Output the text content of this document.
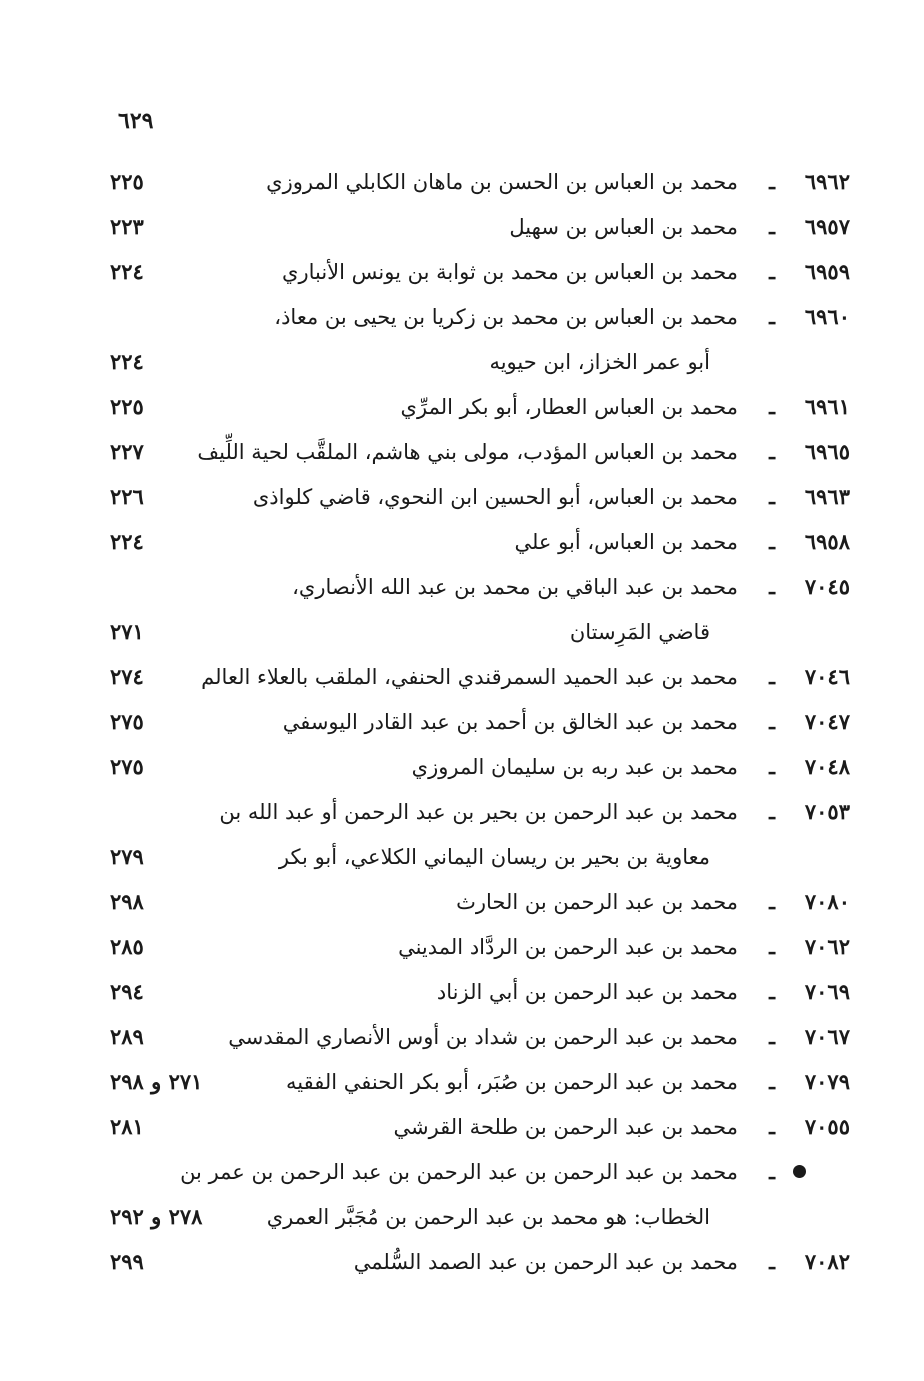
٦٢٩
٦٩٦٢
ـ
محمد بن العباس بن الحسن بن ماهان الكابلي المروزي
٢٢٥
٦٩٥٧
ـ
محمد بن العباس بن سهيل
٢٢٣
٦٩٥٩
ـ
محمد بن العباس بن محمد بن ثوابة بن يونس الأنباري
٢٢٤
٦٩٦٠
ـ
محمد بن العباس بن محمد بن زكريا بن يحيى بن معاذ،
أبو عمر الخزاز، ابن حيويه
٢٢٤
٦٩٦١
ـ
محمد بن العباس العطار، أبو بكر المرِّي
٢٢٥
٦٩٦٥
ـ
محمد بن العباس المؤدب، مولى بني هاشم، الملقَّب لحية اللِّيف
٢٢٧
٦٩٦٣
ـ
محمد بن العباس، أبو الحسين ابن النحوي، قاضي كلواذى
٢٢٦
٦٩٥٨
ـ
محمد بن العباس، أبو علي
٢٢٤
٧٠٤٥
ـ
محمد بن عبد الباقي بن محمد بن عبد الله الأنصاري،
قاضي المَرِستان
٢٧١
٧٠٤٦
ـ
محمد بن عبد الحميد السمرقندي الحنفي، الملقب بالعلاء العالم
٢٧٤
٧٠٤٧
ـ
محمد بن عبد الخالق بن أحمد بن عبد القادر اليوسفي
٢٧٥
٧٠٤٨
ـ
محمد بن عبد ربه بن سليمان المروزي
٢٧٥
٧٠٥٣
ـ
محمد بن عبد الرحمن بن بحير بن عبد الرحمن أو عبد الله بن
معاوية بن بحير بن ريسان اليماني الكلاعي، أبو بكر
٢٧٩
٧٠٨٠
ـ
محمد بن عبد الرحمن بن الحارث
٢٩٨
٧٠٦٢
ـ
محمد بن عبد الرحمن بن الردَّاد المديني
٢٨٥
٧٠٦٩
ـ
محمد بن عبد الرحمن بن أبي الزناد
٢٩٤
٧٠٦٧
ـ
محمد بن عبد الرحمن بن شداد بن أوس الأنصاري المقدسي
٢٨٩
٧٠٧٩
ـ
محمد بن عبد الرحمن بن صُبَر، أبو بكر الحنفي الفقيه
٢٧١ و ٢٩٨
٧٠٥٥
ـ
محمد بن عبد الرحمن بن طلحة القرشي
٢٨١
ـ
محمد بن عبد الرحمن بن عبد الرحمن بن عبد الرحمن بن عمر بن
الخطاب: هو محمد بن عبد الرحمن بن مُجَبَّر العمري
٢٧٨ و ٢٩٢
٧٠٨٢
ـ
محمد بن عبد الرحمن بن عبد الصمد السُّلمي
٢٩٩
